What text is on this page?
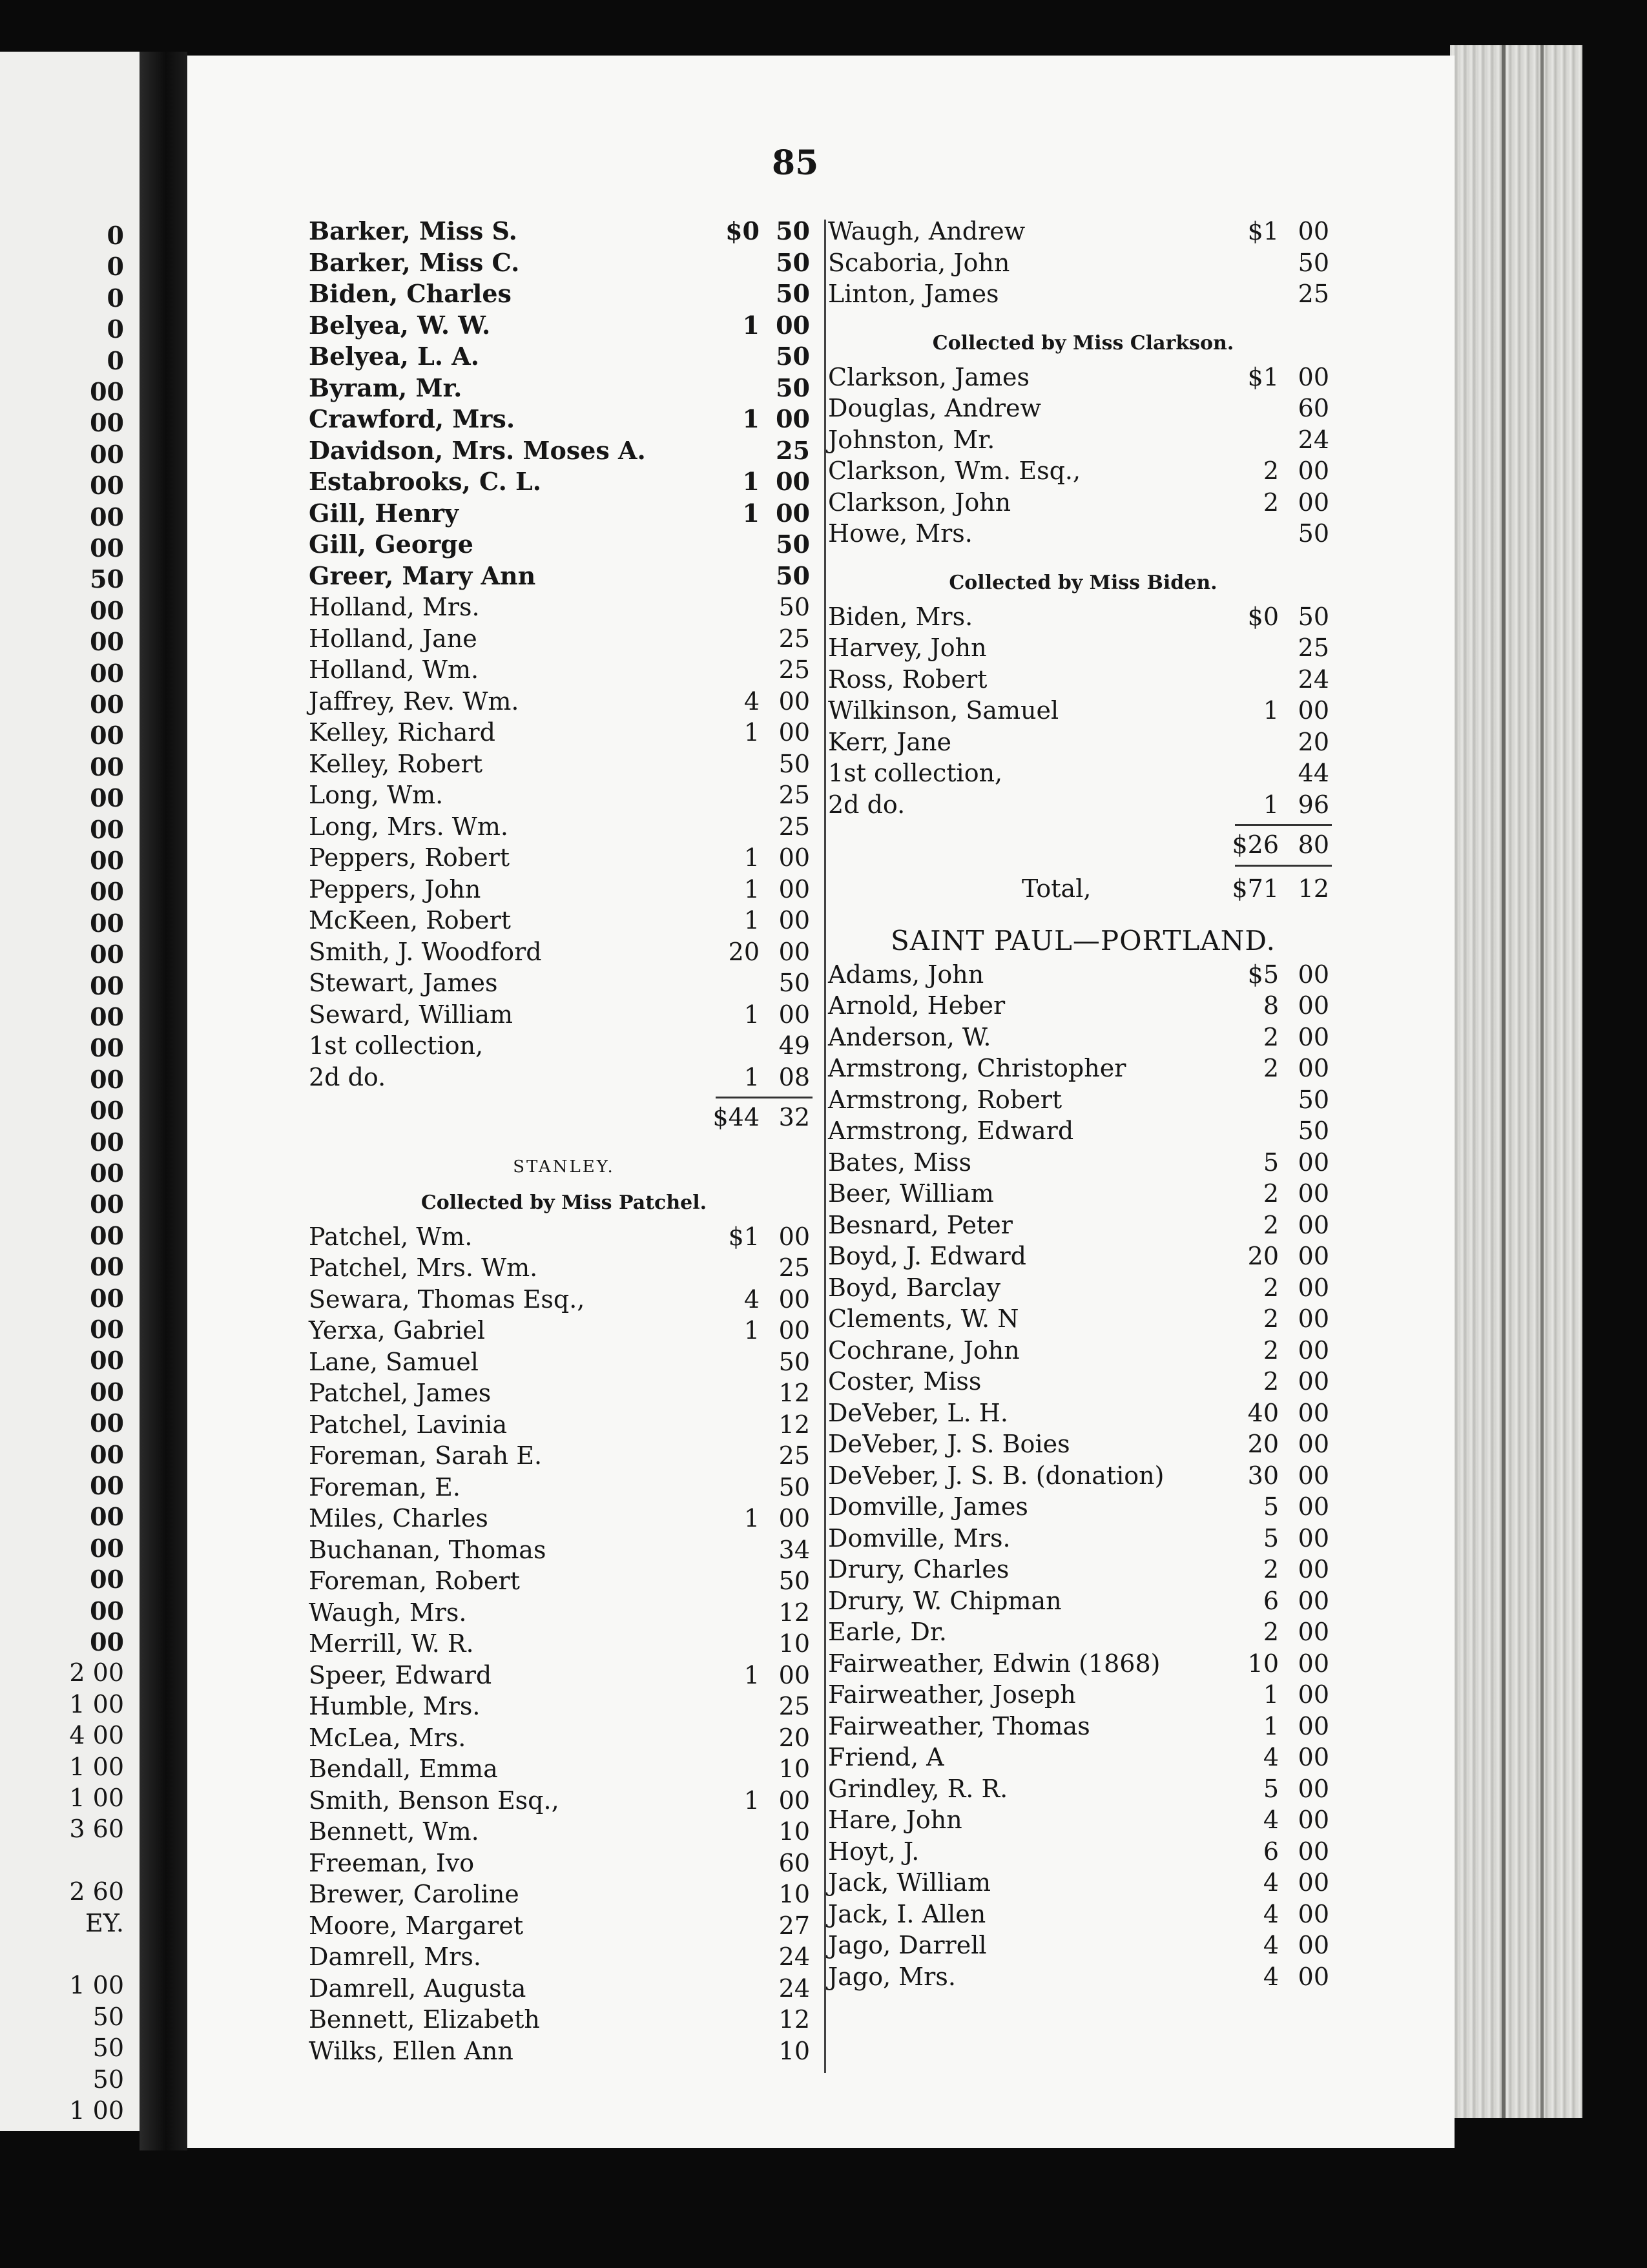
0
0
0
0
0
00
00
00
00
00
00
50
00
00
00
00
00
00
00
00
00
00
00
00
00
00
00
00
00
00
00
00
00
00
00
00
00
00
00
00
00
00
00
00
00
00
2 00
1 00
4 00
1 00
1 00
3 60
2 60
EY.
1 00
50
50
50
1 00
85
Barker, Miss S.	$0 50
Barker, Miss C.	50
Biden, Charles	50
Belyea, W. W.	1 00
Belyea, L. A.	50
Byram, Mr.	50
Crawford, Mrs.	1 00
Davidson, Mrs. Moses A.	25
Estabrooks, C. L.	1 00
Gill, Henry	1 00
Gill, George	50
Greer, Mary Ann	50
Holland, Mrs.	50
Holland, Jane	25
Holland, Wm.	25
Jaffrey, Rev. Wm.	4 00
Kelley, Richard	1 00
Kelley, Robert	50
Long, Wm.	25
Long, Mrs. Wm.	25
Peppers, Robert	1 00
Peppers, John	1 00
McKeen, Robert	1 00
Smith, J. Woodford	20 00
Stewart, James	50
Seward, William	1 00
1st collection,	49
2d do.	1 08
$44 32
STANLEY.
Collected by Miss Patchel.
Patchel, Wm.	$1 00
Patchel, Mrs. Wm.	25
Sewara, Thomas Esq.,	4 00
Yerxa, Gabriel	1 00
Lane, Samuel	50
Patchel, James	12
Patchel, Lavinia	12
Foreman, Sarah E.	25
Foreman, E.	50
Miles, Charles	1 00
Buchanan, Thomas	34
Foreman, Robert	50
Waugh, Mrs.	12
Merrill, W. R.	10
Speer, Edward	1 00
Humble, Mrs.	25
McLea, Mrs.	20
Bendall, Emma	10
Smith, Benson Esq.,	1 00
Bennett, Wm.	10
Freeman, Ivo	60
Brewer, Caroline	10
Moore, Margaret	27
Damrell, Mrs.	24
Damrell, Augusta	24
Bennett, Elizabeth	12
Wilks, Ellen Ann	10
Waugh, Andrew	$1 00
Scaboria, John	50
Linton, James	25
Collected by Miss Clarkson.
Clarkson, James	$1 00
Douglas, Andrew	60
Johnston, Mr.	24
Clarkson, Wm. Esq.,	2 00
Clarkson, John	2 00
Howe, Mrs.	50
Collected by Miss Biden.
Biden, Mrs.	$0 50
Harvey, John	25
Ross, Robert	24
Wilkinson, Samuel	1 00
Kerr, Jane	20
1st collection,	44
2d do.	1 96
$26 80
Total,	$71 12
SAINT PAUL—PORTLAND.
Adams, John	$5 00
Arnold, Heber	8 00
Anderson, W.	2 00
Armstrong, Christopher	2 00
Armstrong, Robert	50
Armstrong, Edward	50
Bates, Miss	5 00
Beer, William	2 00
Besnard, Peter	2 00
Boyd, J. Edward	20 00
Boyd, Barclay	2 00
Clements, W. N	2 00
Cochrane, John	2 00
Coster, Miss	2 00
DeVeber, L. H.	40 00
DeVeber, J. S. Boies	20 00
DeVeber, J. S. B. (donation)	30 00
Domville, James	5 00
Domville, Mrs.	5 00
Drury, Charles	2 00
Drury, W. Chipman	6 00
Earle, Dr.	2 00
Fairweather, Edwin (1868)	10 00
Fairweather, Joseph	1 00
Fairweather, Thomas	1 00
Friend, A	4 00
Grindley, R. R.	5 00
Hare, John	4 00
Hoyt, J.	6 00
Jack, William	4 00
Jack, I. Allen	4 00
Jago, Darrell	4 00
Jago, Mrs.	4 00
